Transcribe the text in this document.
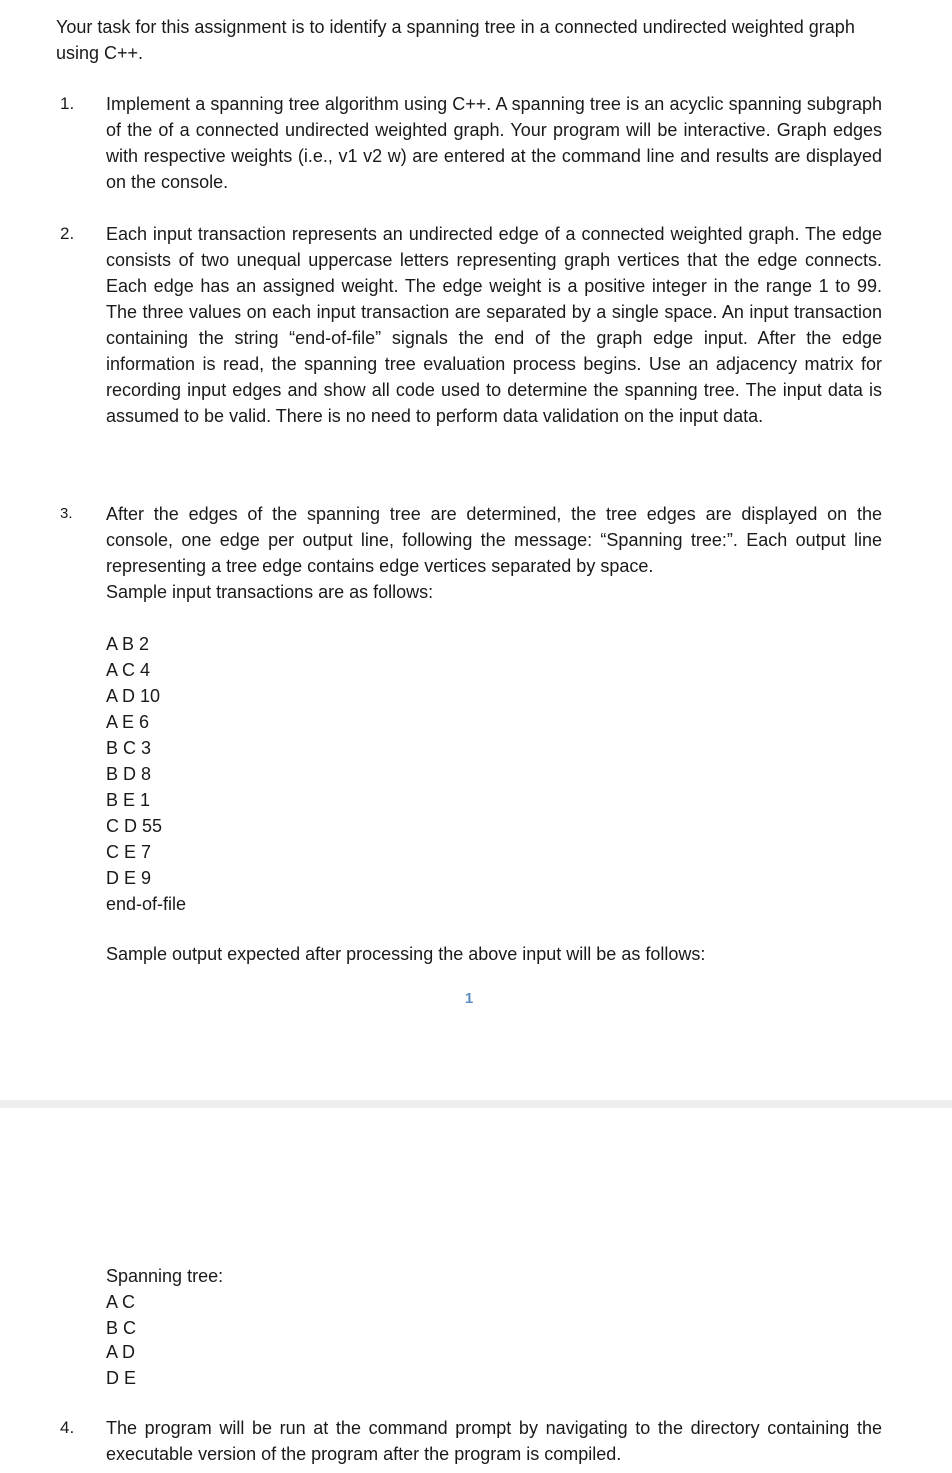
Your task for this assignment is to identify a spanning tree in a connected undirected weighted graph using C++.

1. Implement a spanning tree algorithm using C++. A spanning tree is an acyclic spanning subgraph of the of a connected undirected weighted graph. Your program will be interactive. Graph edges with respective weights (i.e., v1 v2 w) are entered at the command line and results are displayed on the console.

2. Each input transaction represents an undirected edge of a connected weighted graph. The edge consists of two unequal uppercase letters representing graph vertices that the edge connects. Each edge has an assigned weight. The edge weight is a positive integer in the range 1 to 99. The three values on each input transaction are separated by a single space. An input transaction containing the string “end-of-file” signals the end of the graph edge input. After the edge information is read, the spanning tree evaluation process begins. Use an adjacency matrix for recording input edges and show all code used to determine the spanning tree. The input data is assumed to be valid. There is no need to perform data validation on the input data.

3. After the edges of the spanning tree are determined, the tree edges are displayed on the console, one edge per output line, following the message: “Spanning tree:”. Each output line representing a tree edge contains edge vertices separated by space.

Sample input transactions are as follows:

A B 2
A C 4
A D 10
A E 6
B C 3
B D 8
B E 1
C D 55
C E 7
D E 9
end-of-file

Sample output expected after processing the above input will be as follows:

1
Spanning tree:
A C
B C
A D
D E
4. The program will be run at the command prompt by navigating to the directory containing the executable version of the program after the program is compiled.
